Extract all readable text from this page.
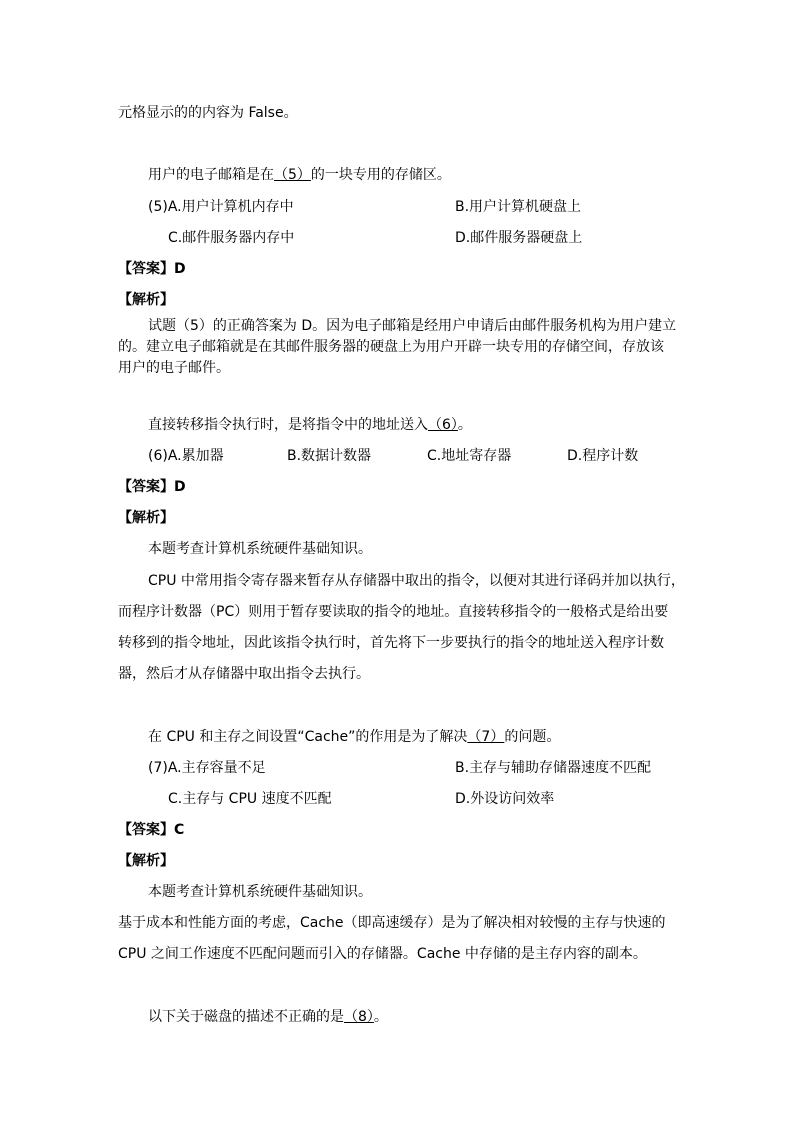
元格显示的的内容为 False。
用户的电子邮箱是在（5）的一块专用的存储区。
(5)A.用户计算机内存中	B.用户计算机硬盘上
C.邮件服务器内存中	D.邮件服务器硬盘上
【答案】D
【解析】
试题（5）的正确答案为 D。因为电子邮箱是经用户申请后由邮件服务机构为用户建立
的。建立电子邮箱就是在其邮件服务器的硬盘上为用户开辟一块专用的存储空间，存放该
用户的电子邮件。
直接转移指令执行时，是将指令中的地址送入（6）。
(6)A.累加器	B.数据计数器	C.地址寄存器	D.程序计数
【答案】D
【解析】
本题考查计算机系统硬件基础知识。
CPU 中常用指令寄存器来暂存从存储器中取出的指令，以便对其进行译码并加以执行，
而程序计数器（PC）则用于暂存要读取的指令的地址。直接转移指令的一般格式是给出要
转移到的指令地址，因此该指令执行时，首先将下一步要执行的指令的地址送入程序计数
器，然后才从存储器中取出指令去执行。
在 CPU 和主存之间设置“Cache”的作用是为了解决（7）的问题。
(7)A.主存容量不足	B.主存与辅助存储器速度不匹配
C.主存与 CPU 速度不匹配	D.外设访问效率
【答案】C
【解析】
本题考查计算机系统硬件基础知识。
基于成本和性能方面的考虑，Cache（即高速缓存）是为了解决相对较慢的主存与快速的
CPU 之间工作速度不匹配问题而引入的存储器。Cache 中存储的是主存内容的副本。
以下关于磁盘的描述不正确的是（8）。
